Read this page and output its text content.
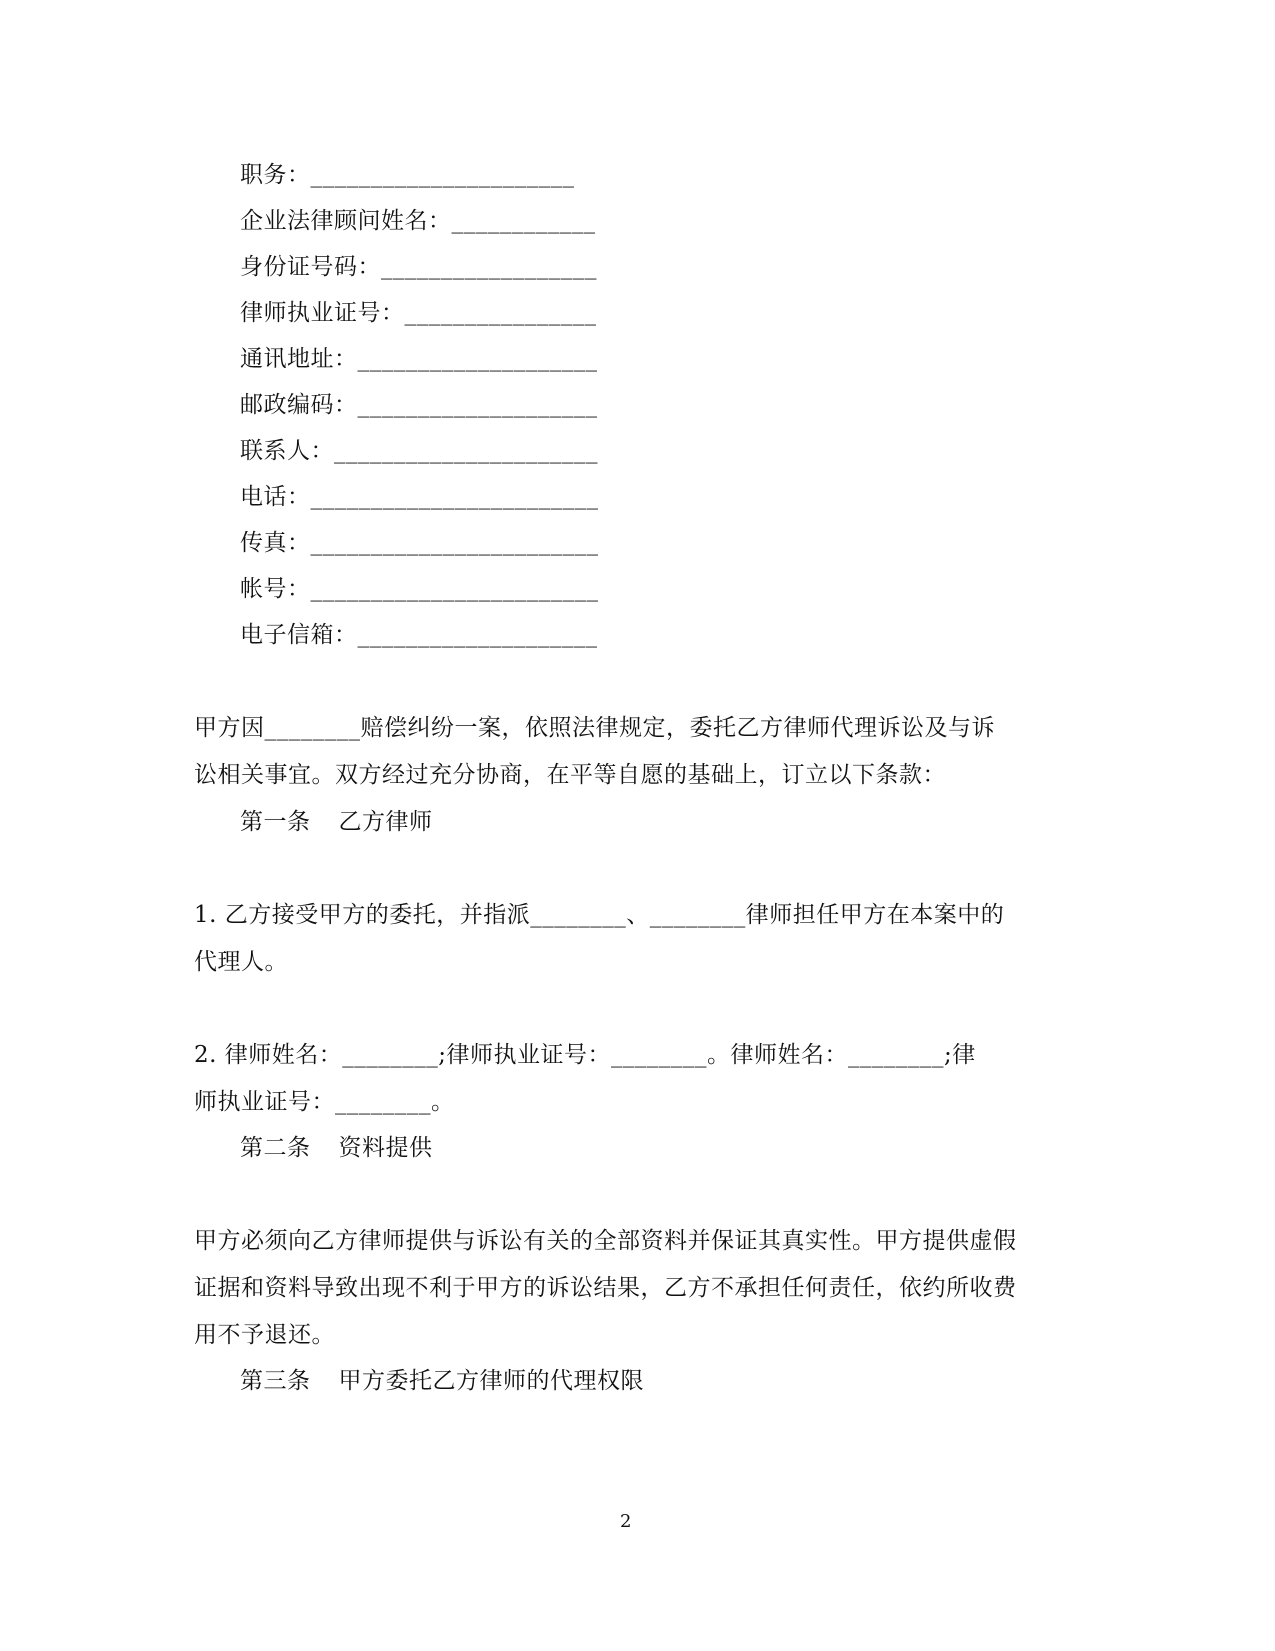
职务：______________________
企业法律顾问姓名：____________
身份证号码：__________________
律师执业证号：________________
通讯地址：____________________
邮政编码：____________________
联系人：______________________
电话：________________________
传真：________________________
帐号：________________________
电子信箱：____________________
甲方因________赔偿纠纷一案，依照法律规定，委托乙方律师代理诉讼及与诉
讼相关事宜。双方经过充分协商，在平等自愿的基础上，订立以下条款：
第一条 乙方律师
1. 乙方接受甲方的委托，并指派________、________律师担任甲方在本案中的
代理人。
2. 律师姓名：________;律师执业证号：________。律师姓名：________;律
师执业证号：________。
第二条 资料提供
甲方必须向乙方律师提供与诉讼有关的全部资料并保证其真实性。甲方提供虚假
证据和资料导致出现不利于甲方的诉讼结果，乙方不承担任何责任，依约所收费
用不予退还。
第三条 甲方委托乙方律师的代理权限
2
